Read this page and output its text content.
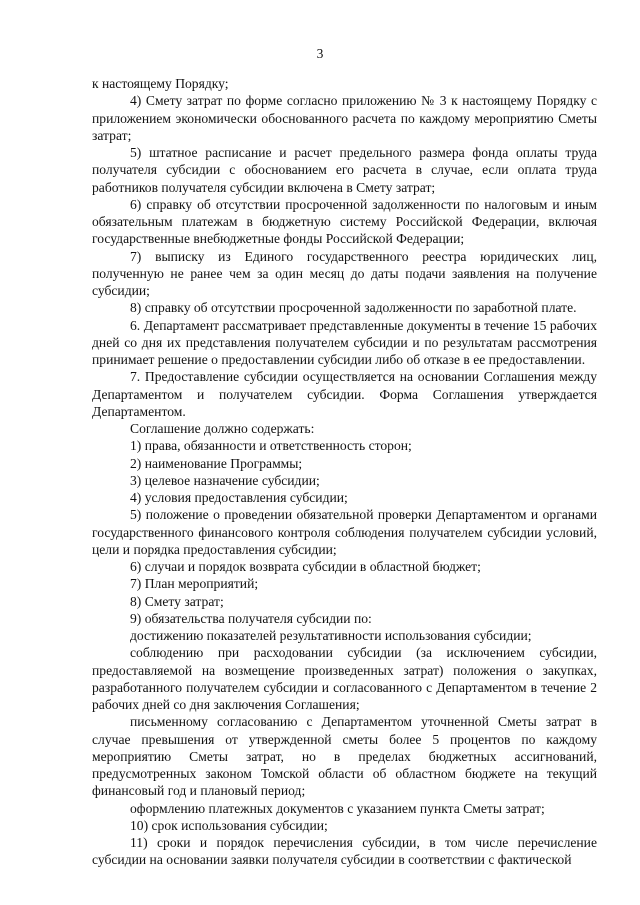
3

к настоящему Порядку;

4) Смету затрат по форме согласно приложению № 3 к настоящему Порядку с приложением экономически обоснованного расчета по каждому мероприятию Сметы затрат;

5) штатное расписание и расчет предельного размера фонда оплаты труда получателя субсидии с обоснованием его расчета в случае, если оплата труда работников получателя субсидии включена в Смету затрат;

6) справку об отсутствии просроченной задолженности по налоговым и иным обязательным платежам в бюджетную систему Российской Федерации, включая государственные внебюджетные фонды Российской Федерации;

7) выписку из Единого государственного реестра юридических лиц, полученную не ранее чем за один месяц до даты подачи заявления на получение субсидии;

8) справку об отсутствии просроченной задолженности по заработной плате.

6. Департамент рассматривает представленные документы в течение 15 рабочих дней со дня их представления получателем субсидии и по результатам рассмотрения принимает решение о предоставлении субсидии либо об отказе в ее предоставлении.

7. Предоставление субсидии осуществляется на основании Соглашения между Департаментом и получателем субсидии. Форма Соглашения утверждается Департаментом.

Соглашение должно содержать:

1) права, обязанности и ответственность сторон;

2) наименование Программы;

3) целевое назначение субсидии;

4) условия предоставления субсидии;

5) положение о проведении обязательной проверки Департаментом и органами государственного финансового контроля соблюдения получателем субсидии условий, цели и порядка предоставления субсидии;

6) случаи и порядок возврата субсидии в областной бюджет;

7) План мероприятий;

8) Смету затрат;

9) обязательства получателя субсидии по:

достижению показателей результативности использования субсидии;

соблюдению при расходовании субсидии (за исключением субсидии, предоставляемой на возмещение произведенных затрат) положения о закупках, разработанного получателем субсидии и согласованного с Департаментом в течение 2 рабочих дней со дня заключения Соглашения;

письменному согласованию с Департаментом уточненной Сметы затрат в случае превышения от утвержденной сметы более 5 процентов по каждому мероприятию Сметы затрат, но в пределах бюджетных ассигнований, предусмотренных законом Томской области об областном бюджете на текущий финансовый год и плановый период;

оформлению платежных документов с указанием пункта Сметы затрат;

10) срок использования субсидии;

11) сроки и порядок перечисления субсидии, в том числе перечисление субсидии на основании заявки получателя субсидии в соответствии с фактической
